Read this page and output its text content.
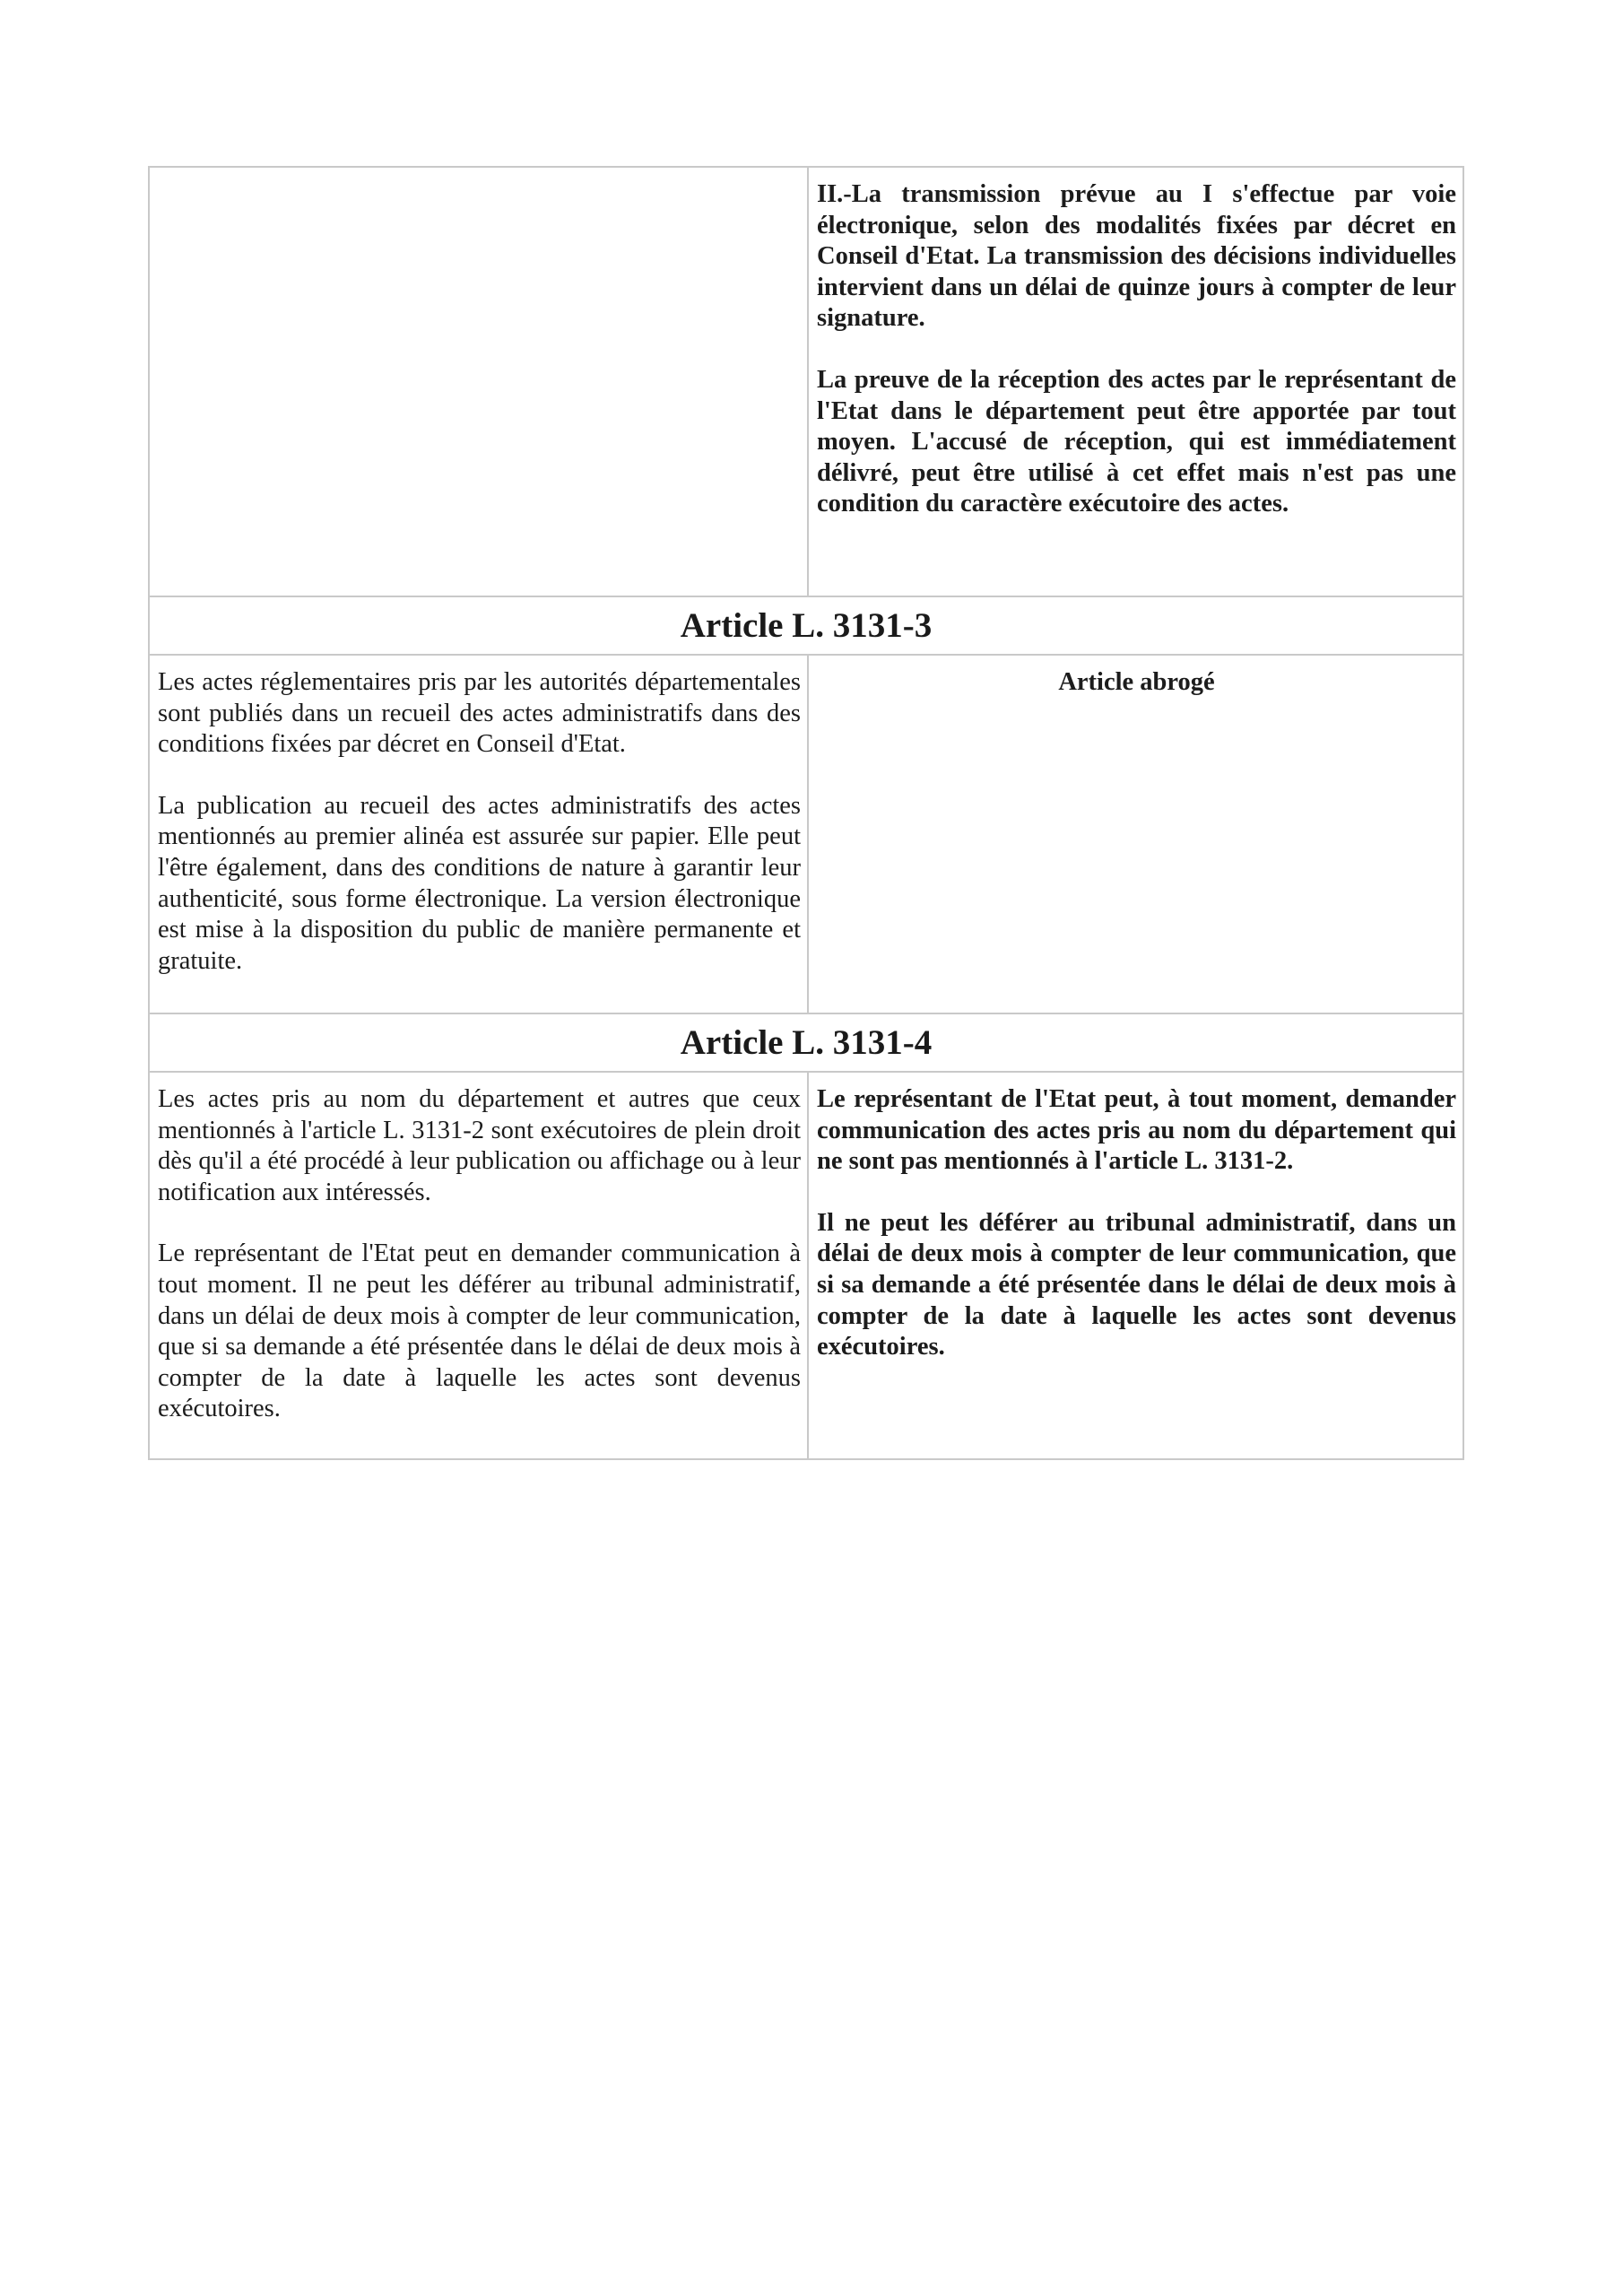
II.-La transmission prévue au I s'effectue par voie électronique, selon des modalités fixées par décret en Conseil d'Etat. La transmission des décisions individuelles intervient dans un délai de quinze jours à compter de leur signature.

La preuve de la réception des actes par le représentant de l'Etat dans le département peut être apportée par tout moyen. L'accusé de réception, qui est immédiatement délivré, peut être utilisé à cet effet mais n'est pas une condition du caractère exécutoire des actes.

Article L. 3131-3

Les actes réglementaires pris par les autorités départementales sont publiés dans un recueil des actes administratifs dans des conditions fixées par décret en Conseil d'Etat.

La publication au recueil des actes administratifs des actes mentionnés au premier alinéa est assurée sur papier. Elle peut l'être également, dans des conditions de nature à garantir leur authenticité, sous forme électronique. La version électronique est mise à la disposition du public de manière permanente et gratuite.

Article abrogé

Article L. 3131-4

Les actes pris au nom du département et autres que ceux mentionnés à l'article L. 3131-2 sont exécutoires de plein droit dès qu'il a été procédé à leur publication ou affichage ou à leur notification aux intéressés.

Le représentant de l'Etat peut en demander communication à tout moment. Il ne peut les déférer au tribunal administratif, dans un délai de deux mois à compter de leur communication, que si sa demande a été présentée dans le délai de deux mois à compter de la date à laquelle les actes sont devenus exécutoires.

Le représentant de l'Etat peut, à tout moment, demander communication des actes pris au nom du département qui ne sont pas mentionnés à l'article L. 3131-2.

Il ne peut les déférer au tribunal administratif, dans un délai de deux mois à compter de leur communication, que si sa demande a été présentée dans le délai de deux mois à compter de la date à laquelle les actes sont devenus exécutoires.
